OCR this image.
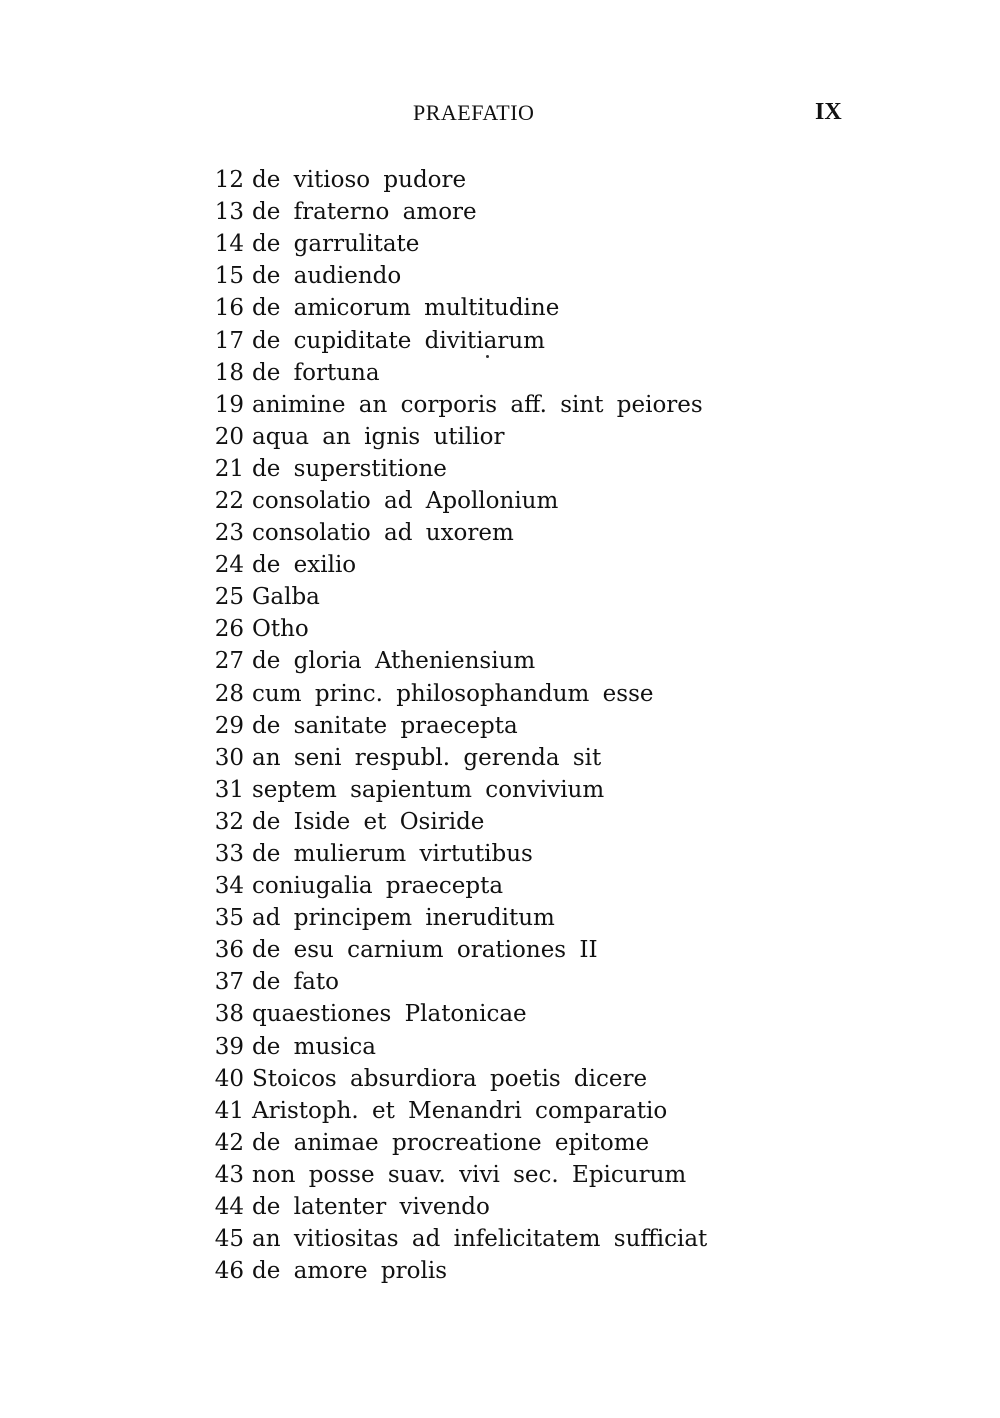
PRAEFATIO	IX
12 de vitioso pudore
13 de fraterno amore
14 de garrulitate
15 de audiendo
16 de amicorum multitudine
17 de cupiditate divitiarum
18 de fortuna
19 animine an corporis aff. sint peiores
20 aqua an ignis utilior
21 de superstitione
22 consolatio ad Apollonium
23 consolatio ad uxorem
24 de exilio
25 Galba
26 Otho
27 de gloria Atheniensium
28 cum princ. philosophandum esse
29 de sanitate praecepta
30 an seni respubl. gerenda sit
31 septem sapientum convivium
32 de Iside et Osiride
33 de mulierum virtutibus
34 coniugalia praecepta
35 ad principem ineruditum
36 de esu carnium orationes II
37 de fato
38 quaestiones Platonicae
39 de musica
40 Stoicos absurdiora poetis dicere
41 Aristoph. et Menandri comparatio
42 de animae procreatione epitome
43 non posse suav. vivi sec. Epicurum
44 de latenter vivendo
45 an vitiositas ad infelicitatem sufficiat
46 de amore prolis
